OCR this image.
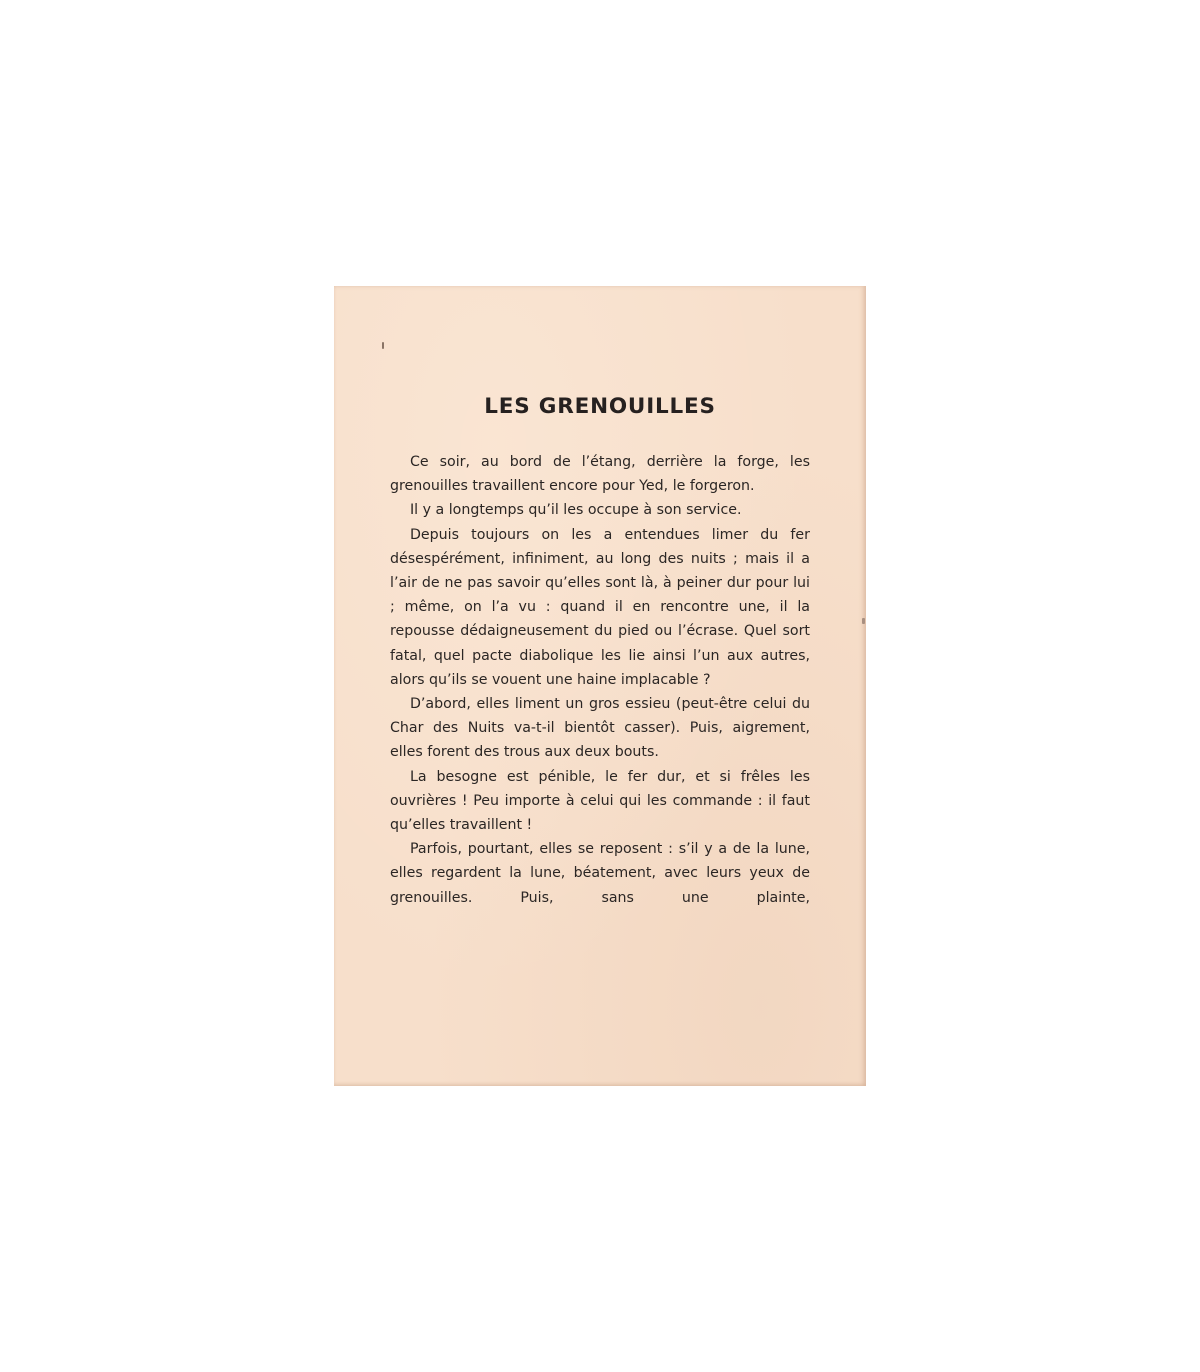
LES GRENOUILLES

Ce soir, au bord de l’étang, derrière la forge, les grenouilles travaillent encore pour Yed, le forgeron.

Il y a longtemps qu’il les occupe à son service.

Depuis toujours on les a entendues limer du fer désespérément, infiniment, au long des nuits ; mais il a l’air de ne pas savoir qu’elles sont là, à peiner dur pour lui ; même, on l’a vu : quand il en rencontre une, il la repousse dédaigneusement du pied ou l’écrase. Quel sort fatal, quel pacte diabolique les lie ainsi l’un aux autres, alors qu’ils se vouent une haine implacable ?

D’abord, elles liment un gros essieu (peut-être celui du Char des Nuits va-t-il bientôt casser). Puis, aigrement, elles forent des trous aux deux bouts.

La besogne est pénible, le fer dur, et si frêles les ouvrières ! Peu importe à celui qui les commande : il faut qu’elles travaillent !

Parfois, pourtant, elles se reposent : s’il y a de la lune, elles regardent la lune, béatement, avec leurs yeux de grenouilles. Puis, sans une plainte,
